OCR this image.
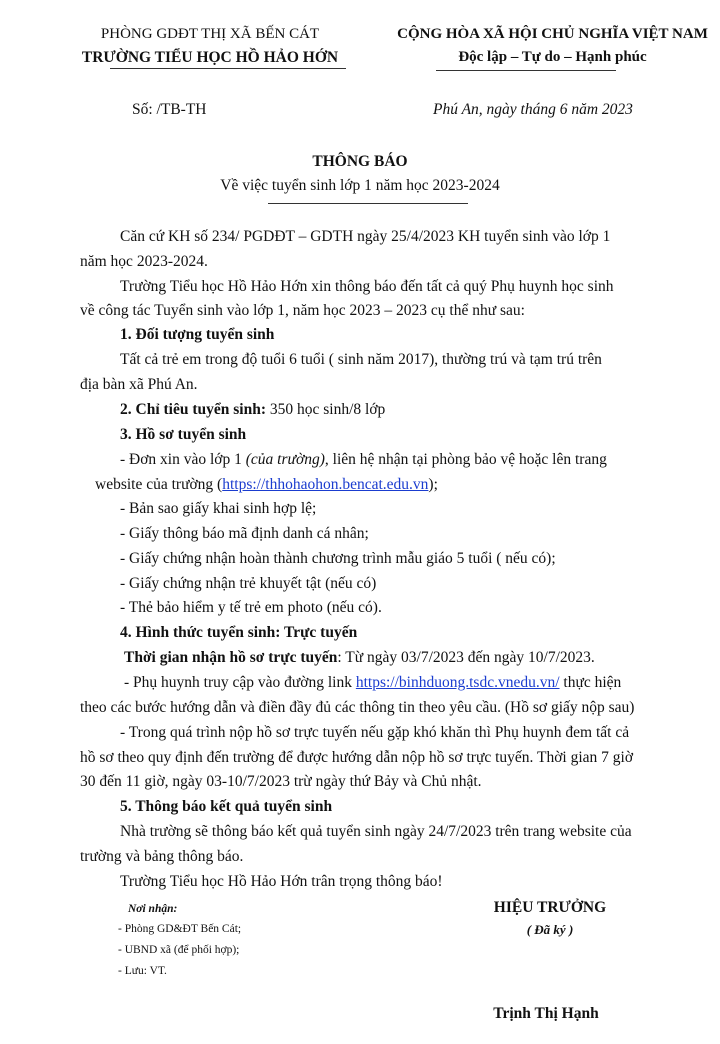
PHÒNG GDĐT THỊ XÃ BẾN CÁT
TRƯỜNG TIỂU HỌC HỒ HẢO HỚN
CỘNG HÒA XÃ HỘI CHỦ NGHĨA VIỆT NAM
Độc lập – Tự do – Hạnh phúc
Số: /TB-TH	Phú An, ngày tháng 6 năm 2023
THÔNG BÁO
Về việc tuyển sinh lớp 1 năm học 2023-2024
Căn cứ KH số 234/ PGDĐT – GDTH ngày 25/4/2023 KH tuyển sinh vào lớp 1
năm học 2023-2024.
Trường Tiểu học Hồ Hảo Hớn xin thông báo đến tất cả quý Phụ huynh học sinh
về công tác Tuyển sinh vào lớp 1, năm học 2023 – 2023 cụ thể như sau:
1. Đối tượng tuyển sinh
Tất cả trẻ em trong độ tuổi 6 tuổi ( sinh năm 2017), thường trú và tạm trú trên
địa bàn xã Phú An.
2. Chỉ tiêu tuyển sinh: 350 học sinh/8 lớp
3. Hồ sơ tuyển sinh
- Đơn xin vào lớp 1 (của trường), liên hệ nhận tại phòng bảo vệ hoặc lên trang
website của trường (https://thhohaohon.bencat.edu.vn);
- Bản sao giấy khai sinh hợp lệ;
- Giấy thông báo mã định danh cá nhân;
- Giấy chứng nhận hoàn thành chương trình mẫu giáo 5 tuổi ( nếu có);
- Giấy chứng nhận trẻ khuyết tật (nếu có)
- Thẻ bảo hiểm y tế trẻ em photo (nếu có).
4. Hình thức tuyển sinh: Trực tuyến
Thời gian nhận hồ sơ trực tuyến: Từ ngày 03/7/2023 đến ngày 10/7/2023.
- Phụ huynh truy cập vào đường link https://binhduong.tsdc.vnedu.vn/ thực hiện
theo các bước hướng dẫn và điền đầy đủ các thông tin theo yêu cầu. (Hồ sơ giấy nộp sau)
- Trong quá trình nộp hồ sơ trực tuyến nếu gặp khó khăn thì Phụ huynh đem tất cả
hồ sơ theo quy định đến trường để được hướng dẫn nộp hồ sơ trực tuyến. Thời gian 7 giờ
30 đến 11 giờ, ngày 03-10/7/2023 trừ ngày thứ Bảy và Chủ nhật.
5. Thông báo kết quả tuyển sinh
Nhà trường sẽ thông báo kết quả tuyển sinh ngày 24/7/2023 trên trang website của
trường và bảng thông báo.
Trường Tiểu học Hồ Hảo Hớn trân trọng thông báo!
Nơi nhận:
- Phòng GD&ĐT Bến Cát;
- UBND xã (để phối hợp);
- Lưu: VT.
HIỆU TRƯỞNG
( Đã ký )
Trịnh Thị Hạnh
